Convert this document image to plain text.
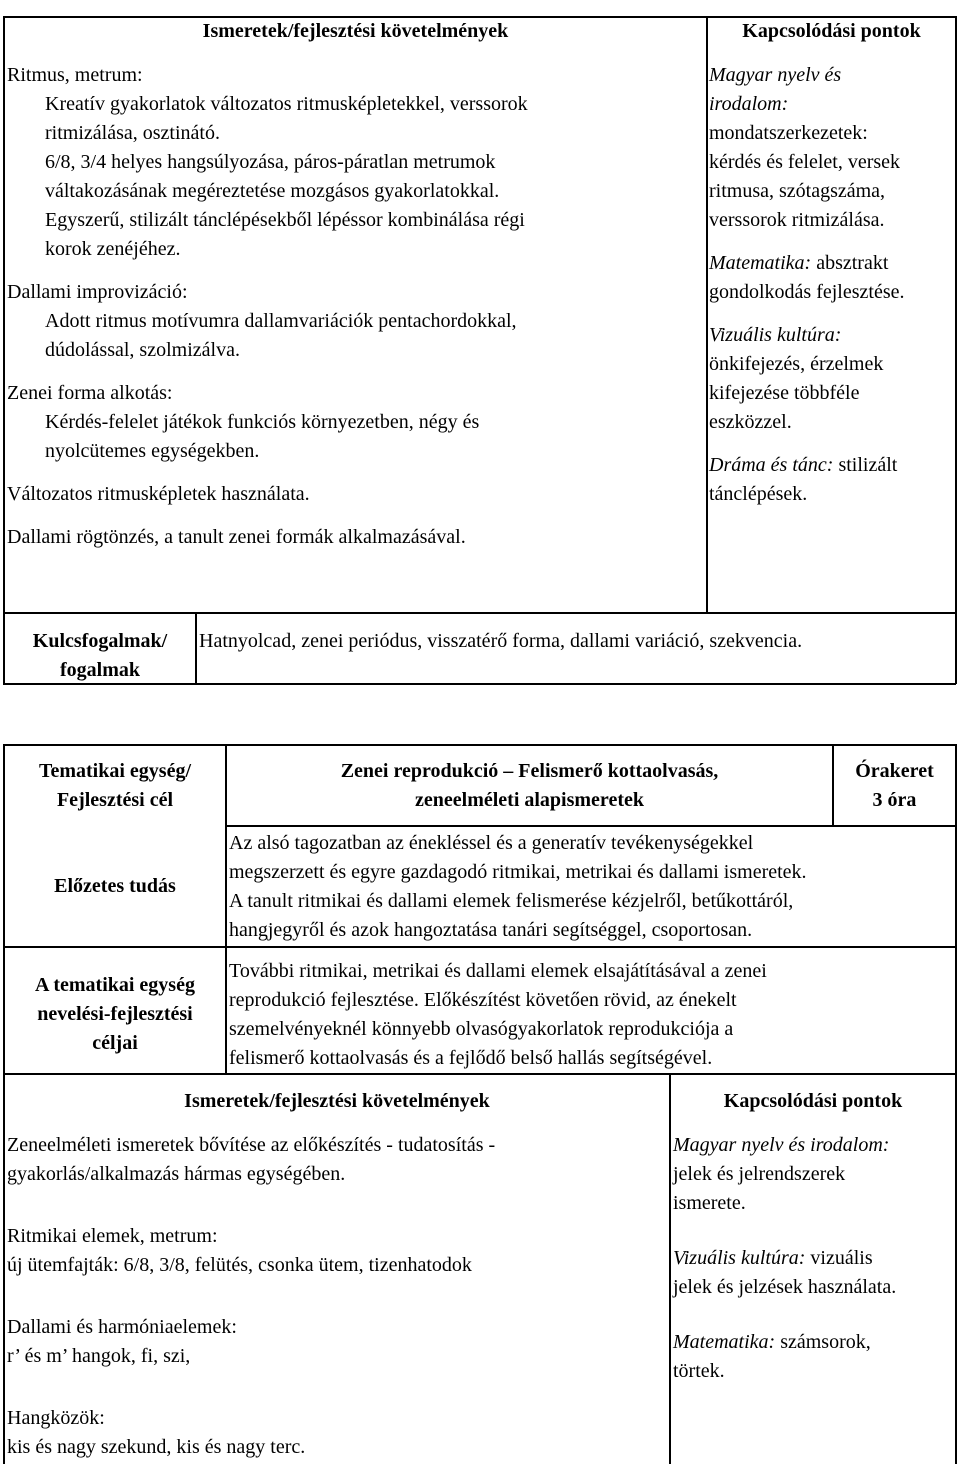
Ismeretek/fejlesztési követelmények	Kapcsolódási pontok
Ritmus, metrum:
Kreatív gyakorlatok változatos ritmusképletekkel, verssorok
ritmizálása, osztinátó.
6/8, 3/4 helyes hangsúlyozása, páros-páratlan metrumok
váltakozásának megéreztetése mozgásos gyakorlatokkal.
Egyszerű, stilizált tánclépésekből lépéssor kombinálása régi
korok zenéjéhez.
Dallami improvizáció:
Adott ritmus motívumra dallamvariációk pentachordokkal,
dúdolással, szolmizálva.
Zenei forma alkotás:
Kérdés-felelet játékok funkciós környezetben, négy és
nyolcütemes egységekben.
Változatos ritmusképletek használata.
Dallami rögtönzés, a tanult zenei formák alkalmazásával.
Magyar nyelv és
irodalom:
mondatszerkezetek:
kérdés és felelet, versek
ritmusa, szótagszáma,
verssorok ritmizálása.
Matematika: absztrakt
gondolkodás fejlesztése.
Vizuális kultúra:
önkifejezés, érzelmek
kifejezése többféle
eszközzel.
Dráma és tánc: stilizált
tánclépések.
Kulcsfogalmak/
fogalmak
Hatnyolcad, zenei periódus, visszatérő forma, dallami variáció, szekvencia.
Tematikai egység/
Fejlesztési cél
Zenei reprodukció – Felismerő kottaolvasás,
zeneelméleti alapismeretek
Órakeret
3 óra
Előzetes tudás
Az alsó tagozatban az énekléssel és a generatív tevékenységekkel
megszerzett és egyre gazdagodó ritmikai, metrikai és dallami ismeretek.
A tanult ritmikai és dallami elemek felismerése kézjelről, betűkottáról,
hangjegyről és azok hangoztatása tanári segítséggel, csoportosan.
A tematikai egység
nevelési-fejlesztési
céljai
További ritmikai, metrikai és dallami elemek elsajátításával a zenei
reprodukció fejlesztése. Előkészítést követően rövid, az énekelt
szemelvényeknél könnyebb olvasógyakorlatok reprodukciója a
felismerő kottaolvasás és a fejlődő belső hallás segítségével.
Ismeretek/fejlesztési követelmények	Kapcsolódási pontok
Zeneelméleti ismeretek bővítése az előkészítés - tudatosítás -
gyakorlás/alkalmazás hármas egységében.
Ritmikai elemek, metrum:
új ütemfajták: 6/8, 3/8, felütés, csonka ütem, tizenhatodok
Dallami és harmóniaelemek:
r’ és m’ hangok, fi, szi,
Hangközök:
kis és nagy szekund, kis és nagy terc.
Magyar nyelv és irodalom:
jelek és jelrendszerek
ismerete.
Vizuális kultúra: vizuális
jelek és jelzések használata.
Matematika: számsorok,
törtek.
